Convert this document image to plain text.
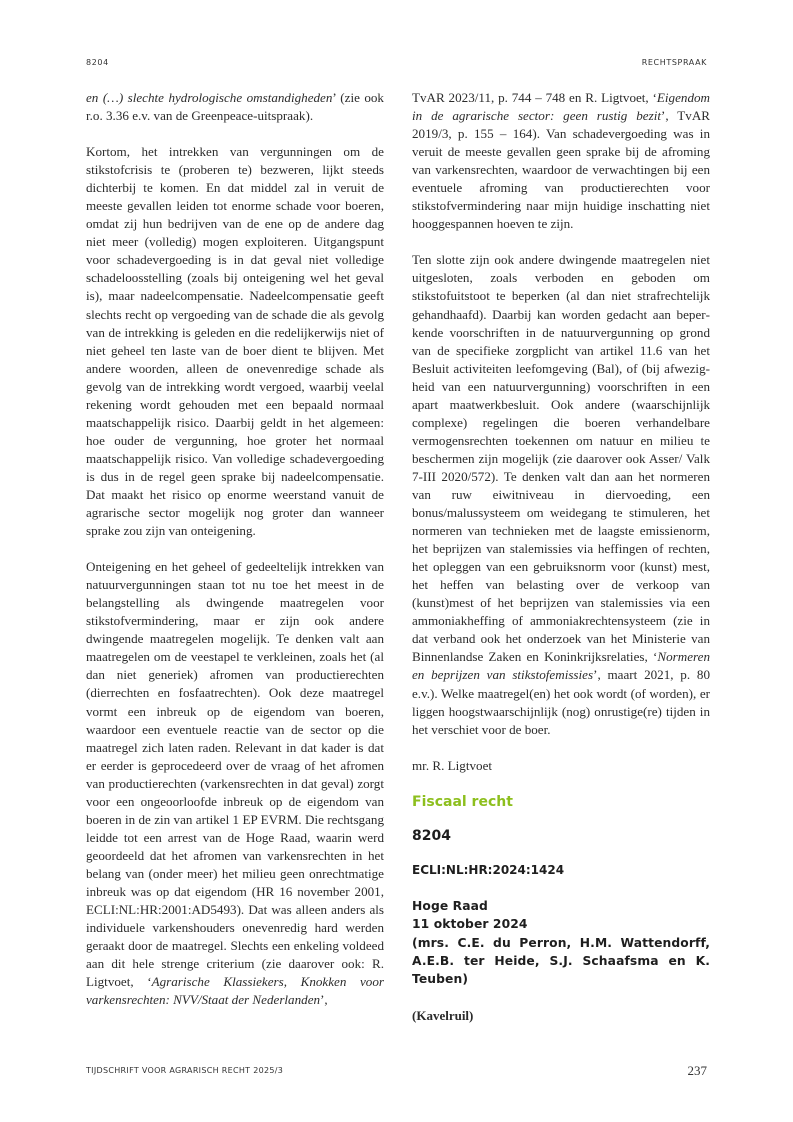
8204	RECHTSPRAAK

en (…) slechte hydrologische omstandigheden’ (zie ook r.o. 3.36 e.v. van de Greenpeace-uitspraak).

Kortom, het intrekken van vergunningen om de stikstofcrisis te (proberen te) bezweren, lijkt steeds dichterbij te komen. En dat middel zal in veruit de meeste gevallen leiden tot enorme schade voor boeren, omdat zij hun bedrijven van de ene op de andere dag niet meer (volledig) mogen exploiteren. Uitgangspunt voor schadevergoeding is in dat geval niet volledige schadeloosstelling (zoals bij onteigening wel het geval is), maar nadeelcompensatie. Nadeelcompensatie geeft slechts recht op vergoeding van de schade die als gevolg van de intrekking is geleden en die redelijkerwijs niet of niet geheel ten laste van de boer dient te blijven. Met andere woorden, alleen de onevenredige schade als gevolg van de intrekking wordt vergoed, waarbij veelal rekening wordt gehouden met een bepaald normaal maatschappelijk risico. Daarbij geldt in het algemeen: hoe ouder de vergunning, hoe groter het normaal maatschappelijk risico. Van volledige schadevergoeding is dus in de regel geen sprake bij nadeelcompensatie. Dat maakt het risico op enorme weerstand vanuit de agrarische sector mogelijk nog groter dan wanneer sprake zou zijn van onteigening.

Onteigening en het geheel of gedeeltelijk intrekken van natuurvergunningen staan tot nu toe het meest in de belangstelling als dwingende maatregelen voor stikstofvermindering, maar er zijn ook andere dwingende maatregelen mogelijk. Te denken valt aan maatregelen om de veestapel te verkleinen, zoals het (al dan niet generiek) afromen van productierechten (dierrechten en fosfaatrechten). Ook deze maatregel vormt een inbreuk op de eigendom van boeren, waardoor een eventuele reactie van de sector op die maatregel zich laten raden. Relevant in dat kader is dat er eerder is geprocedeerd over de vraag of het afromen van productierechten (varkensrechten in dat geval) zorgt voor een ongeoorloofde inbreuk op de eigendom van boeren in de zin van artikel 1 EP EVRM. Die rechtsgang leidde tot een arrest van de Hoge Raad, waarin werd geoordeeld dat het afromen van varkensrechten in het belang van (onder meer) het milieu geen onrechtmatige inbreuk was op dat eigendom (HR 16 november 2001, ECLI:NL:HR:2001:AD5493). Dat was alleen anders als individuele varkenshouders onevenredig hard werden geraakt door de maatregel. Slechts een enkeling voldeed aan dit hele strenge criterium (zie daarover ook: R. Ligtvoet, ‘Agrarische Klassiekers, Knokken voor varkensrechten: NVV/Staat der Nederlanden’,

TvAR 2023/11, p. 744 – 748 en R. Ligtvoet, ‘Eigendom in de agrarische sector: geen rustig bezit’, TvAR 2019/3, p. 155 – 164). Van schadevergoeding was in veruit de meeste gevallen geen sprake bij de afroming van varkensrechten, waardoor de verwachtingen bij een eventuele afroming van productierechten voor stikstofvermindering naar mijn huidige inschatting niet hooggespannen hoeven te zijn.

Ten slotte zijn ook andere dwingende maatregelen niet uitgesloten, zoals verboden en geboden om stikstofuitstoot te beperken (al dan niet strafrechtelijk gehandhaafd). Daarbij kan worden gedacht aan beperkende voorschriften in de natuurvergunning op grond van de specifieke zorgplicht van artikel 11.6 van het Besluit activiteiten leefomgeving (Bal), of (bij afwezigheid van een natuurvergunning) voorschriften in een apart maatwerkbesluit. Ook andere (waarschijnlijk complexe) regelingen die boeren verhandelbare vermogensrechten toekennen om natuur en milieu te beschermen zijn mogelijk (zie daarover ook Asser/ Valk 7-III 2020/572). Te denken valt dan aan het normeren van ruw eiwitniveau in diervoeding, een bonus/malussysteem om weidegang te stimuleren, het normeren van technieken met de laagste emissienorm, het beprijzen van stalemissies via heffingen of rechten, het opleggen van een gebruiksnorm voor (kunst) mest, het heffen van belasting over de verkoop van (kunst)mest of het beprijzen van stalemissies via een ammoniakheffing of ammoniakrechtensysteem (zie in dat verband ook het onderzoek van het Ministerie van Binnenlandse Zaken en Koninkrijksrelaties, ‘Normeren en beprijzen van stikstofemissies’, maart 2021, p. 80 e.v.). Welke maatregel(en) het ook wordt (of worden), er liggen hoogstwaarschijnlijk (nog) onrustige(re) tijden in het verschiet voor de boer.

mr. R. Ligtvoet

Fiscaal recht
8204
ECLI:NL:HR:2024:1424
Hoge Raad
11 oktober 2024
(mrs. C.E. du Perron, H.M. Wattendorff, A.E.B. ter Heide, S.J. Schaafsma en K. Teuben)
(Kavelruil)
TIJDSCHRIFT VOOR AGRARISCH RECHT 2025/3	237
